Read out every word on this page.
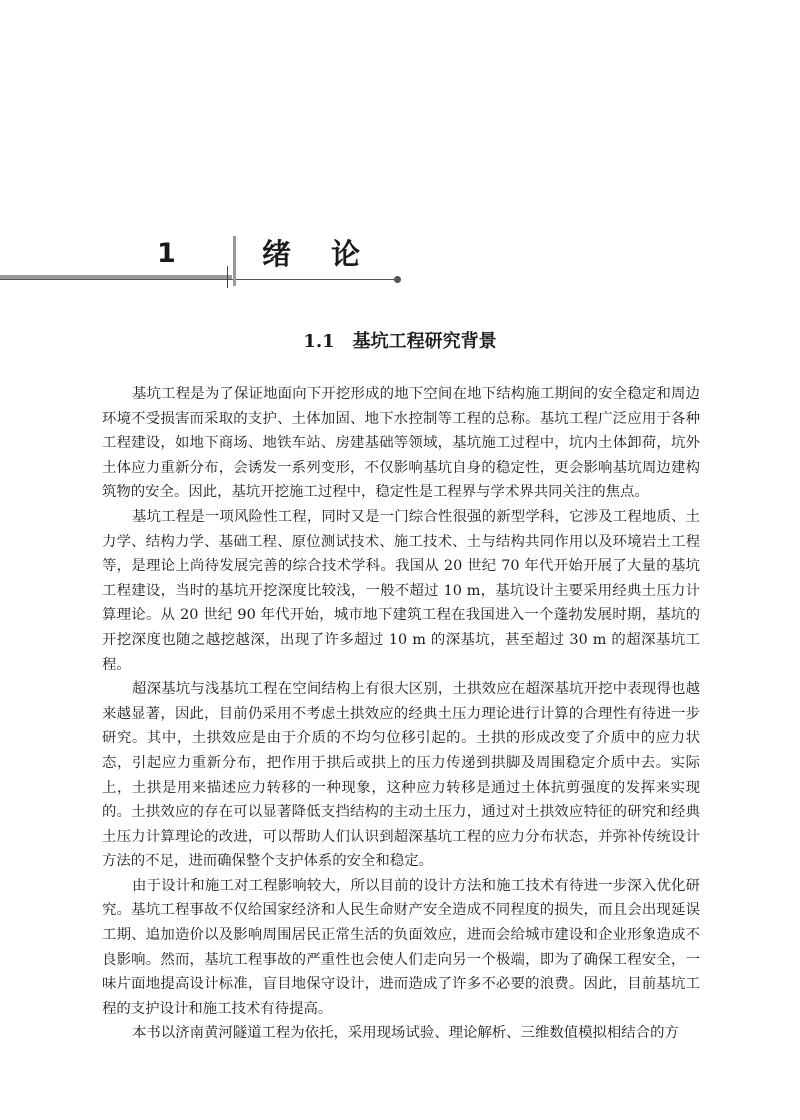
1	绪论
1.1　基坑工程研究背景

基坑工程是为了保证地面向下开挖形成的地下空间在地下结构施工期间的安全稳定和周边环境不受损害而采取的支护、土体加固、地下水控制等工程的总称。基坑工程广泛应用于各种工程建设，如地下商场、地铁车站、房建基础等领域，基坑施工过程中，坑内土体卸荷，坑外土体应力重新分布，会诱发一系列变形，不仅影响基坑自身的稳定性，更会影响基坑周边建构筑物的安全。因此，基坑开挖施工过程中，稳定性是工程界与学术界共同关注的焦点。

基坑工程是一项风险性工程，同时又是一门综合性很强的新型学科，它涉及工程地质、土力学、结构力学、基础工程、原位测试技术、施工技术、土与结构共同作用以及环境岩土工程等，是理论上尚待发展完善的综合技术学科。我国从 20 世纪 70 年代开始开展了大量的基坑工程建设，当时的基坑开挖深度比较浅，一般不超过 10 m，基坑设计主要采用经典土压力计算理论。从 20 世纪 90 年代开始，城市地下建筑工程在我国进入一个蓬勃发展时期，基坑的开挖深度也随之越挖越深，出现了许多超过 10 m 的深基坑，甚至超过 30 m 的超深基坑工程。

超深基坑与浅基坑工程在空间结构上有很大区别，土拱效应在超深基坑开挖中表现得也越来越显著，因此，目前仍采用不考虑土拱效应的经典土压力理论进行计算的合理性有待进一步研究。其中，土拱效应是由于介质的不均匀位移引起的。土拱的形成改变了介质中的应力状态，引起应力重新分布，把作用于拱后或拱上的压力传递到拱脚及周围稳定介质中去。实际上，土拱是用来描述应力转移的一种现象，这种应力转移是通过土体抗剪强度的发挥来实现的。土拱效应的存在可以显著降低支挡结构的主动土压力，通过对土拱效应特征的研究和经典土压力计算理论的改进，可以帮助人们认识到超深基坑工程的应力分布状态，并弥补传统设计方法的不足，进而确保整个支护体系的安全和稳定。

由于设计和施工对工程影响较大，所以目前的设计方法和施工技术有待进一步深入优化研究。基坑工程事故不仅给国家经济和人民生命财产安全造成不同程度的损失，而且会出现延误工期、追加造价以及影响周围居民正常生活的负面效应，进而会给城市建设和企业形象造成不良影响。然而，基坑工程事故的严重性也会使人们走向另一个极端，即为了确保工程安全，一味片面地提高设计标准，盲目地保守设计，进而造成了许多不必要的浪费。因此，目前基坑工程的支护设计和施工技术有待提高。

本书以济南黄河隧道工程为依托，采用现场试验、理论解析、三维数值模拟相结合的方
